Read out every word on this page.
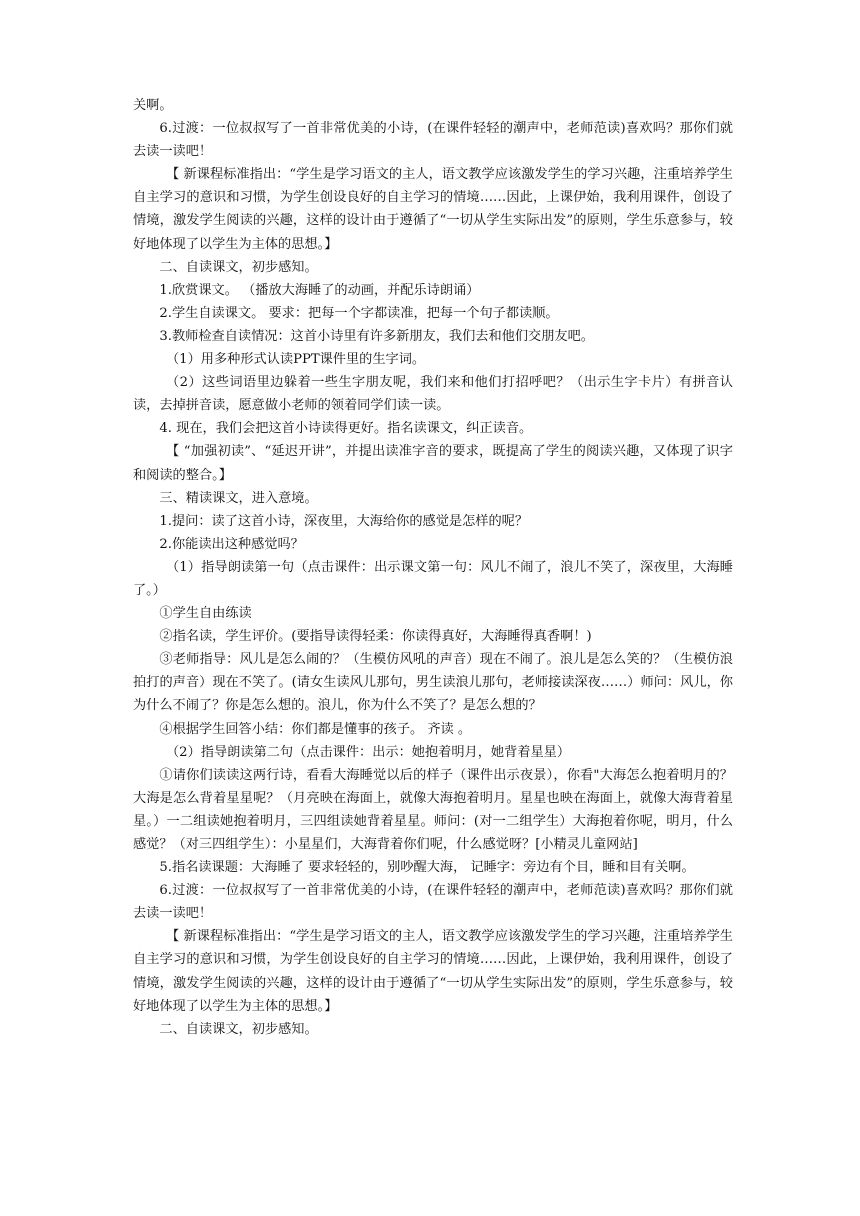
关啊。

6.过渡：一位叔叔写了一首非常优美的小诗，(在课件轻轻的潮声中，老师范读)喜欢吗？那你们就去读一读吧！

【 新课程标准指出：“学生是学习语文的主人，语文教学应该激发学生的学习兴趣，注重培养学生自主学习的意识和习惯，为学生创设良好的自主学习的情境……因此，上课伊始，我利用课件，创设了情境，激发学生阅读的兴趣，这样的设计由于遵循了“一切从学生实际出发”的原则，学生乐意参与，较好地体现了以学生为主体的思想。】

二、自读课文，初步感知。

1.欣赏课文。 （播放大海睡了的动画，并配乐诗朗诵）

2.学生自读课文。 要求：把每一个字都读准，把每一个句子都读顺。

3.教师检查自读情况：这首小诗里有许多新朋友，我们去和他们交朋友吧。

（1）用多种形式认读PPT课件里的生字词。

（2）这些词语里边躲着一些生字朋友呢，我们来和他们打招呼吧？（出示生字卡片）有拼音认读，去掉拼音读，愿意做小老师的领着同学们读一读。

4. 现在，我们会把这首小诗读得更好。指名读课文，纠正读音。

【 “加强初读”、“延迟开讲”，并提出读准字音的要求，既提高了学生的阅读兴趣，又体现了识字和阅读的整合。】

三、精读课文，进入意境。

1.提问：读了这首小诗，深夜里，大海给你的感觉是怎样的呢？

2.你能读出这种感觉吗？

（1）指导朗读第一句（点击课件：出示课文第一句：风儿不闹了，浪儿不笑了，深夜里，大海睡了。）

①学生自由练读

②指名读，学生评价。(要指导读得轻柔：你读得真好，大海睡得真香啊！)

③老师指导：风儿是怎么闹的？（生模仿风吼的声音）现在不闹了。浪儿是怎么笑的？（生模仿浪拍打的声音）现在不笑了。(请女生读风儿那句，男生读浪儿那句，老师接读深夜……）师问：风儿，你为什么不闹了？你是怎么想的。浪儿，你为什么不笑了？是怎么想的？

④根据学生回答小结：你们都是懂事的孩子。 齐读 。

（2）指导朗读第二句（点击课件：出示：她抱着明月，她背着星星）

①请你们读读这两行诗，看看大海睡觉以后的样子（课件出示夜景），你看"大海怎么抱着明月的？大海是怎么背着星星呢？（月亮映在海面上，就像大海抱着明月。星星也映在海面上，就像大海背着星星。）一二组读她抱着明月，三四组读她背着星星。师问：(对一二组学生）大海抱着你呢，明月，什么感觉？（对三四组学生）：小星星们，大海背着你们呢，什么感觉呀？[小精灵儿童网站]

5.指名读课题：大海睡了 要求轻轻的，别吵醒大海， 记睡字：旁边有个目，睡和目有关啊。

6.过渡：一位叔叔写了一首非常优美的小诗，(在课件轻轻的潮声中，老师范读)喜欢吗？那你们就去读一读吧！

【 新课程标准指出：“学生是学习语文的主人，语文教学应该激发学生的学习兴趣，注重培养学生自主学习的意识和习惯，为学生创设良好的自主学习的情境……因此，上课伊始，我利用课件，创设了情境，激发学生阅读的兴趣，这样的设计由于遵循了“一切从学生实际出发”的原则，学生乐意参与，较好地体现了以学生为主体的思想。】

二、自读课文，初步感知。
